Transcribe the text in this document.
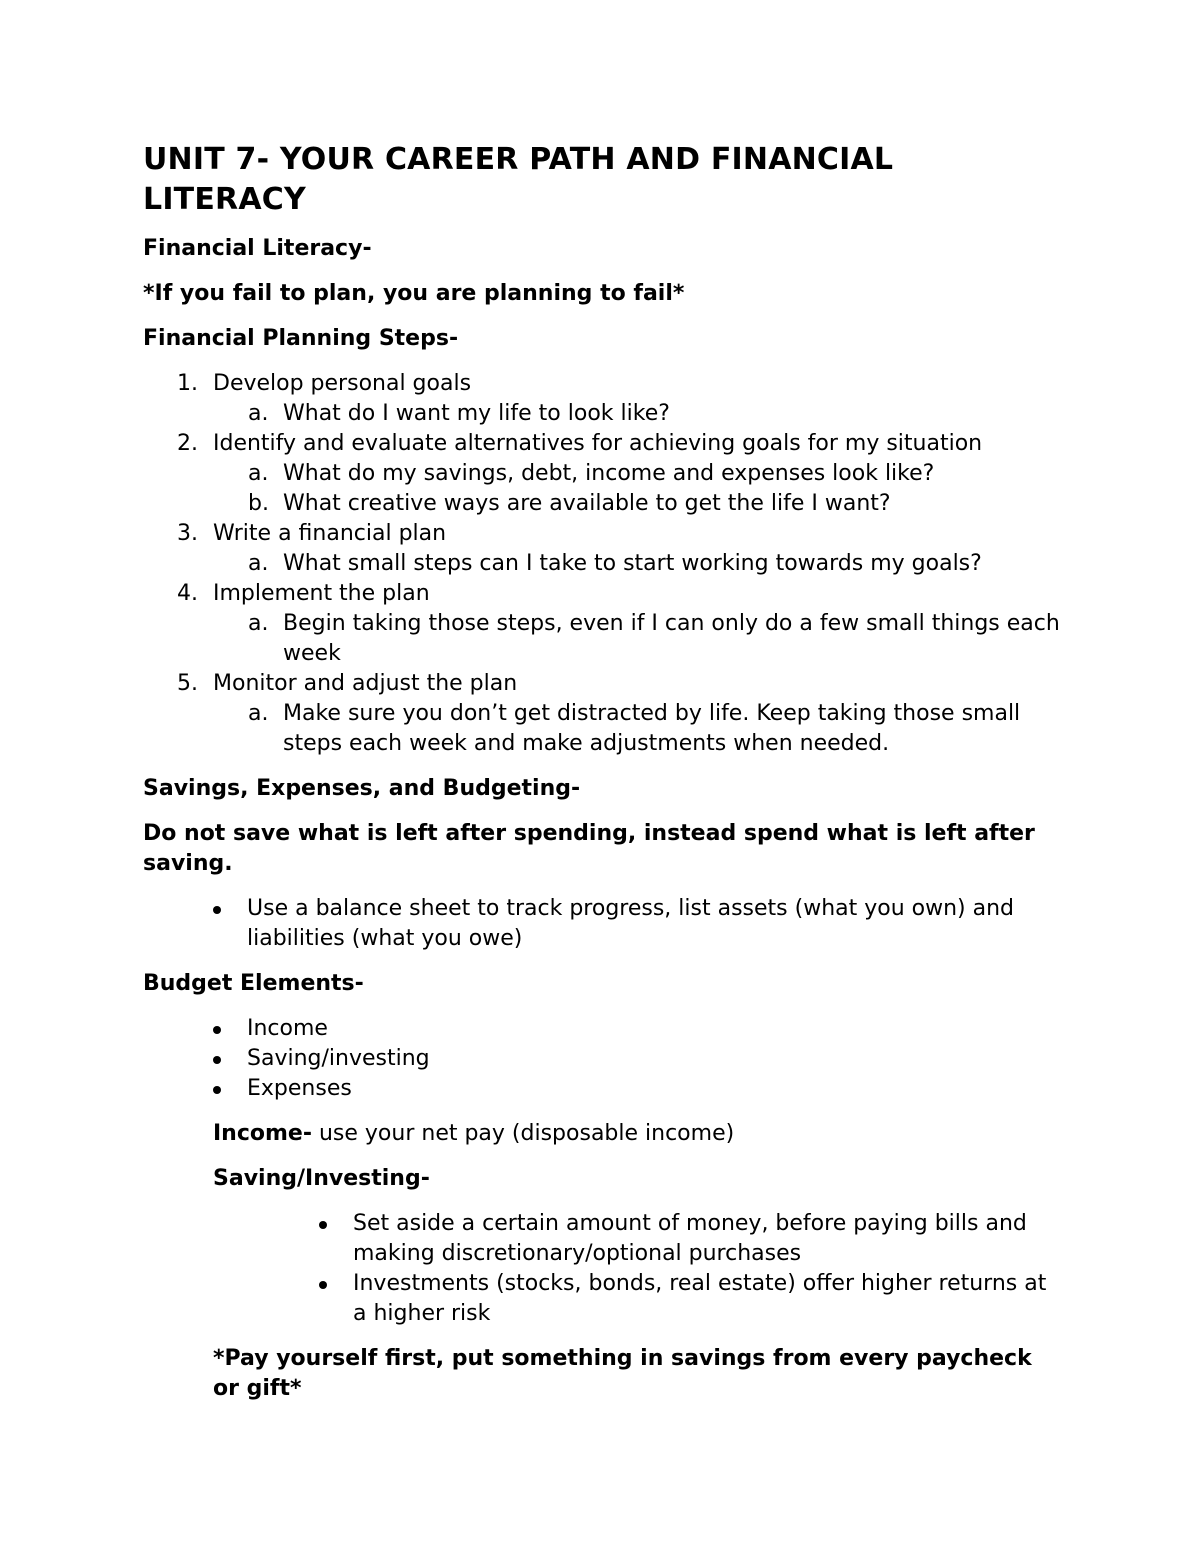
UNIT 7- YOUR CAREER PATH AND FINANCIAL LITERACY
Financial Literacy-
*If you fail to plan, you are planning to fail*
Financial Planning Steps-
1. Develop personal goals
a. What do I want my life to look like?
2. Identify and evaluate alternatives for achieving goals for my situation
a. What do my savings, debt, income and expenses look like?
b. What creative ways are available to get the life I want?
3. Write a financial plan
a. What small steps can I take to start working towards my goals?
4. Implement the plan
a. Begin taking those steps, even if I can only do a few small things each week
5. Monitor and adjust the plan
a. Make sure you don’t get distracted by life. Keep taking those small steps each week and make adjustments when needed.
Savings, Expenses, and Budgeting-
Do not save what is left after spending, instead spend what is left after saving.
Use a balance sheet to track progress, list assets (what you own) and liabilities (what you owe)
Budget Elements-
Income
Saving/investing
Expenses
Income- use your net pay (disposable income)
Saving/Investing-
Set aside a certain amount of money, before paying bills and making discretionary/optional purchases
Investments (stocks, bonds, real estate) offer higher returns at a higher risk
*Pay yourself first, put something in savings from every paycheck or gift*
